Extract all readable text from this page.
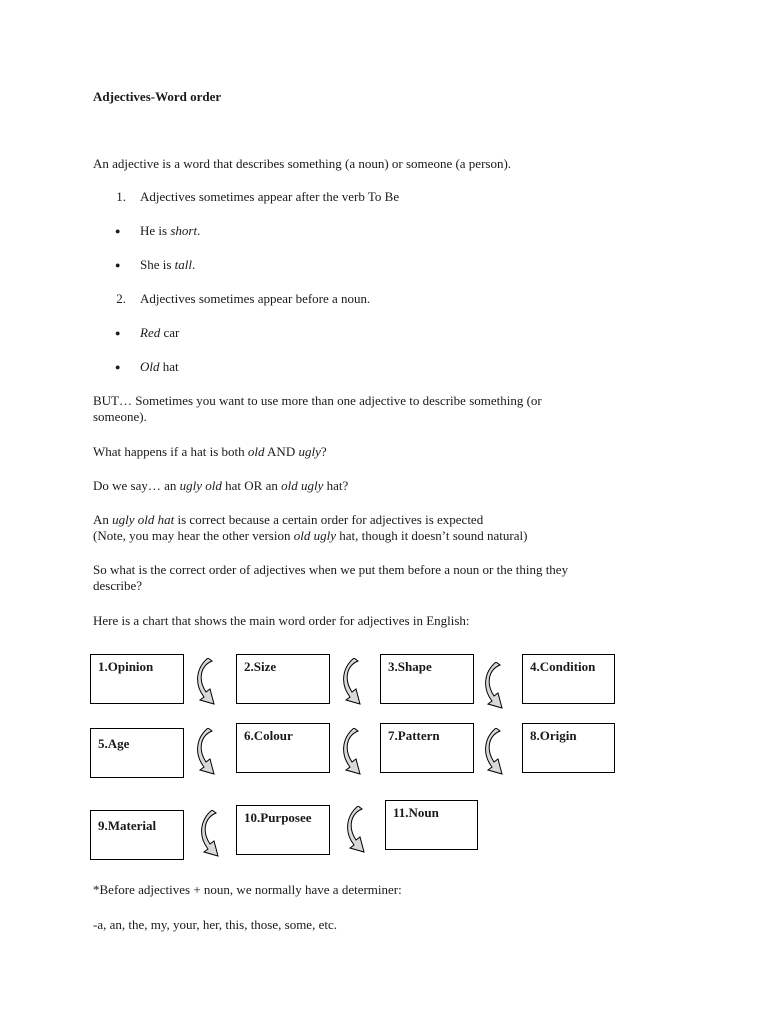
Adjectives-Word order

An adjective is a word that describes something (a noun) or someone (a person).

1. Adjectives sometimes appear after the verb To Be

● He is short.

● She is tall.

2. Adjectives sometimes appear before a noun.

● Red car

● Old hat

BUT… Sometimes you want to use more than one adjective to describe something (or

someone).

What happens if a hat is both old AND ugly?

Do we say… an ugly old hat OR an old ugly hat?

An ugly old hat is correct because a certain order for adjectives is expected

(Note, you may hear the other version old ugly hat, though it doesn’t sound natural)

So what is the correct order of adjectives when we put them before a noun or the thing they

describe?

Here is a chart that shows the main word order for adjectives in English:

1.Opinion	2.Size	3.Shape	4.Condition
5.Age
6.Colour	7.Pattern	8.Origin
9.Material
10.Purposee	11.Noun

*Before adjectives + noun, we normally have a determiner:

-a, an, the, my, your, her, this, those, some, etc.
